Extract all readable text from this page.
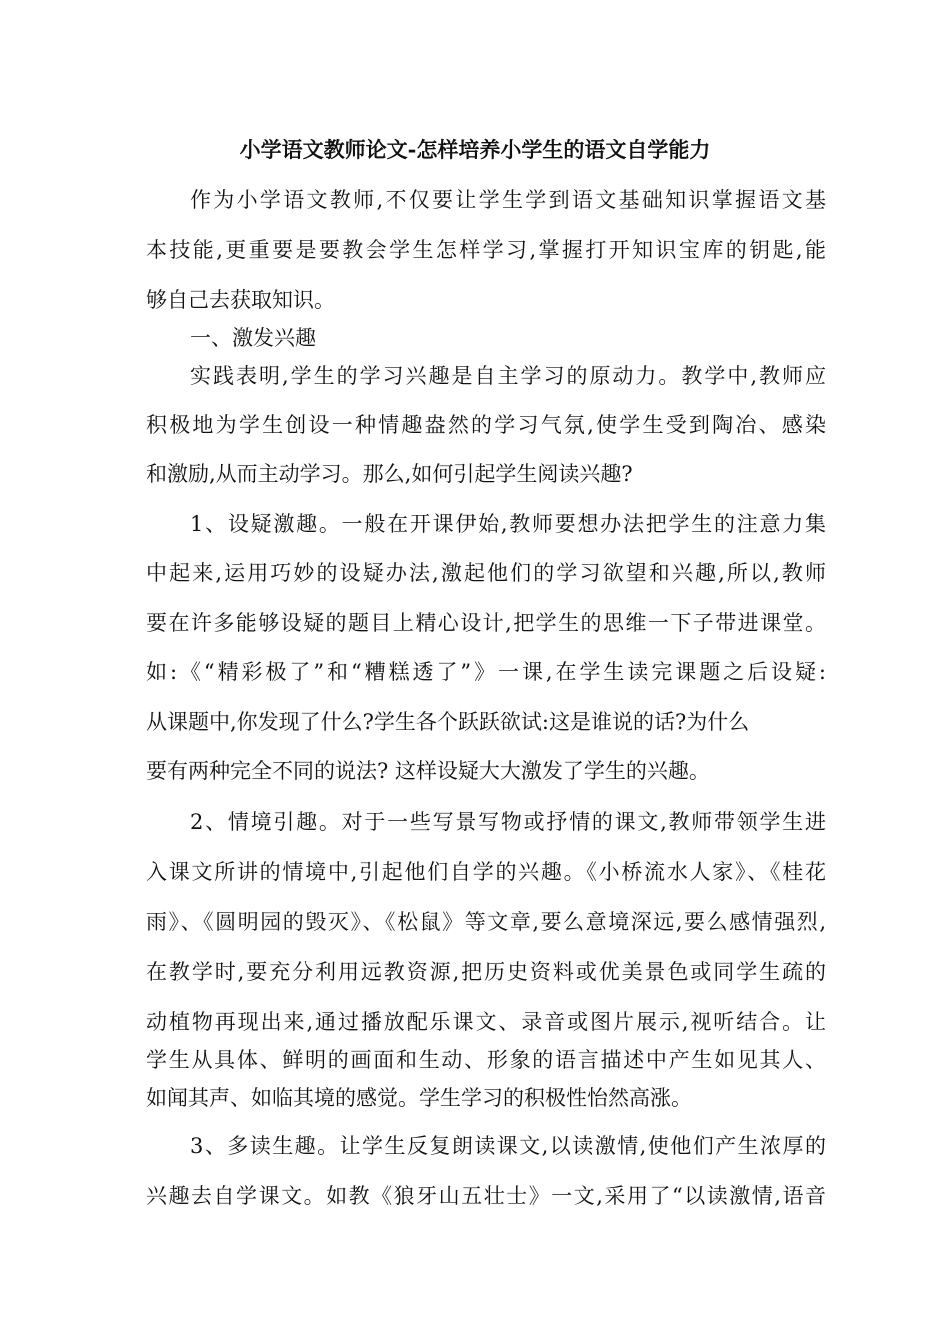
小学语文教师论文-怎样培养小学生的语文自学能力
作为小学语文教师,不仅要让学生学到语文基础知识掌握语文基
本技能,更重要是要教会学生怎样学习,掌握打开知识宝库的钥匙,能
够自己去获取知识。
一、激发兴趣
实践表明,学生的学习兴趣是自主学习的原动力。教学中,教师应
积极地为学生创设一种情趣盎然的学习气氛,使学生受到陶冶、感染
和激励,从而主动学习。那么,如何引起学生阅读兴趣?
1、设疑激趣。一般在开课伊始,教师要想办法把学生的注意力集
中起来,运用巧妙的设疑办法,激起他们的学习欲望和兴趣,所以,教师
要在许多能够设疑的题目上精心设计,把学生的思维一下子带进课堂。
如:《“精彩极了”和“糟糕透了”》一课,在学生读完课题之后设疑:
从课题中,你发现了什么?学生各个跃跃欲试:这是谁说的话?为什么
要有两种完全不同的说法? 这样设疑大大激发了学生的兴趣。
2、情境引趣。对于一些写景写物或抒情的课文,教师带领学生进
入课文所讲的情境中,引起他们自学的兴趣。《小桥流水人家》、《桂花
雨》、《圆明园的毁灭》、《松鼠》等文章,要么意境深远,要么感情强烈,
在教学时,要充分利用远教资源,把历史资料或优美景色或同学生疏的
动植物再现出来,通过播放配乐课文、录音或图片展示,视听结合。让
学生从具体、鲜明的画面和生动、形象的语言描述中产生如见其人、
如闻其声、如临其境的感觉。学生学习的积极性怡然高涨。
3、多读生趣。让学生反复朗读课文,以读激情,使他们产生浓厚的
兴趣去自学课文。如教《狼牙山五壮士》一文,采用了“以读激情,语音
